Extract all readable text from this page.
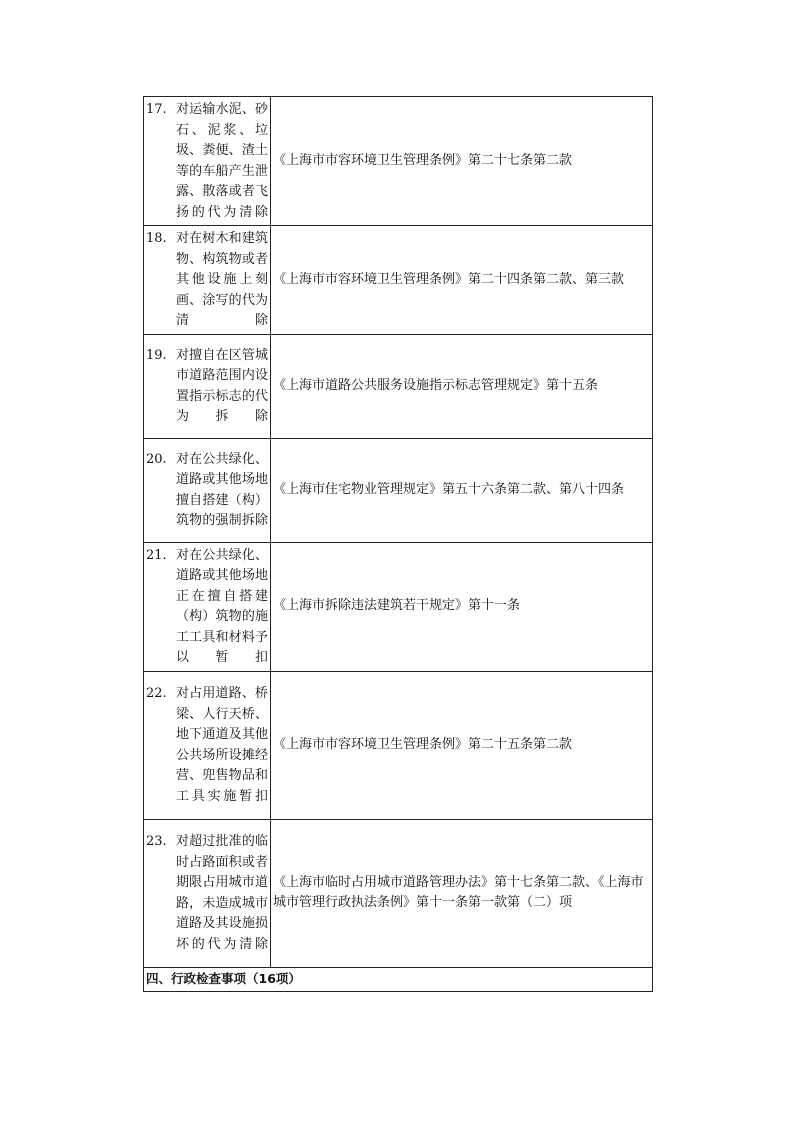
17. 对运输水泥、砂石、泥浆、垃圾、粪便、渣土等的车船产生泄露、散落或者飞扬的代为清除	《上海市市容环境卫生管理条例》第二十七条第二款

18. 对在树木和建筑物、构筑物或者其他设施上刻画、涂写的代为清除	《上海市市容环境卫生管理条例》第二十四条第二款、第三款

19. 对擅自在区管城市道路范围内设置指示标志的代为拆除	《上海市道路公共服务设施指示标志管理规定》第十五条

20. 对在公共绿化、道路或其他场地擅自搭建（构）筑物的强制拆除	《上海市住宅物业管理规定》第五十六条第二款、第八十四条

21. 对在公共绿化、道路或其他场地正在擅自搭建（构）筑物的施工工具和材料予以暂扣	《上海市拆除违法建筑若干规定》第十一条

22. 对占用道路、桥梁、人行天桥、地下通道及其他公共场所设摊经营、兜售物品和工具实施暂扣	《上海市市容环境卫生管理条例》第二十五条第二款

23. 对超过批准的临时占路面积或者期限占用城市道路，未造成城市道路及其设施损坏的代为清除	《上海市临时占用城市道路管理办法》第十七条第二款、《上海市城市管理行政执法条例》第十一条第一款第（二）项

四、行政检查事项（16项）	
